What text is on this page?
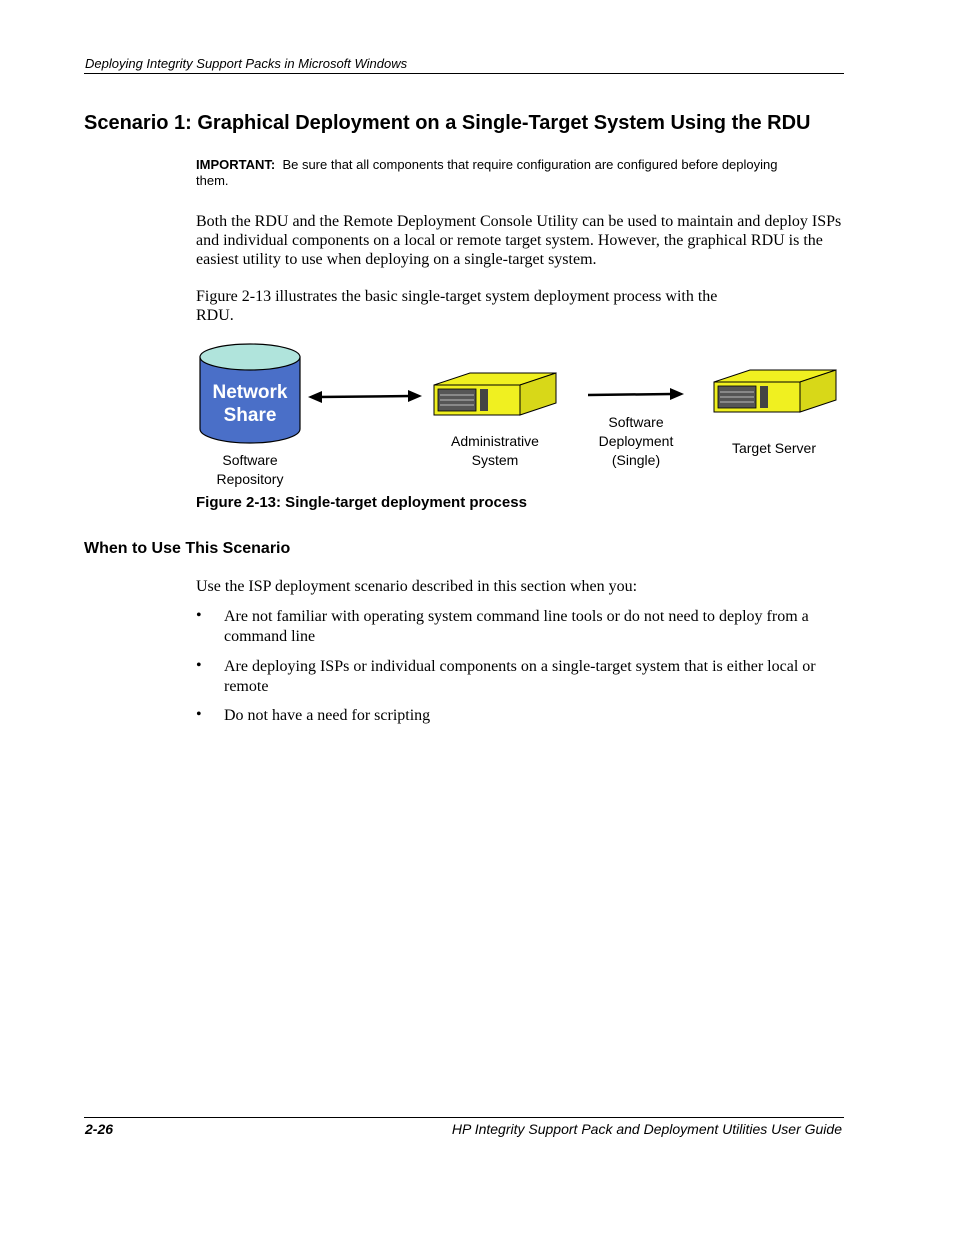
Deploying Integrity Support Packs in Microsoft Windows
Scenario 1: Graphical Deployment on a Single-Target System Using the RDU
IMPORTANT: Be sure that all components that require configuration are configured before deploying them.
Both the RDU and the Remote Deployment Console Utility can be used to maintain and deploy ISPs and individual components on a local or remote target system. However, the graphical RDU is the easiest utility to use when deploying on a single-target system.
Figure 2-13 illustrates the basic single-target system deployment process with the RDU.
Network
Share
Software
Repository
Administrative
System
Software
Deployment
(Single)
Target Server
Figure 2-13: Single-target deployment process
When to Use This Scenario
Use the ISP deployment scenario described in this section when you:
• Are not familiar with operating system command line tools or do not need to deploy from a command line
• Are deploying ISPs or individual components on a single-target system that is either local or remote
• Do not have a need for scripting
2-26	HP Integrity Support Pack and Deployment Utilities User Guide
